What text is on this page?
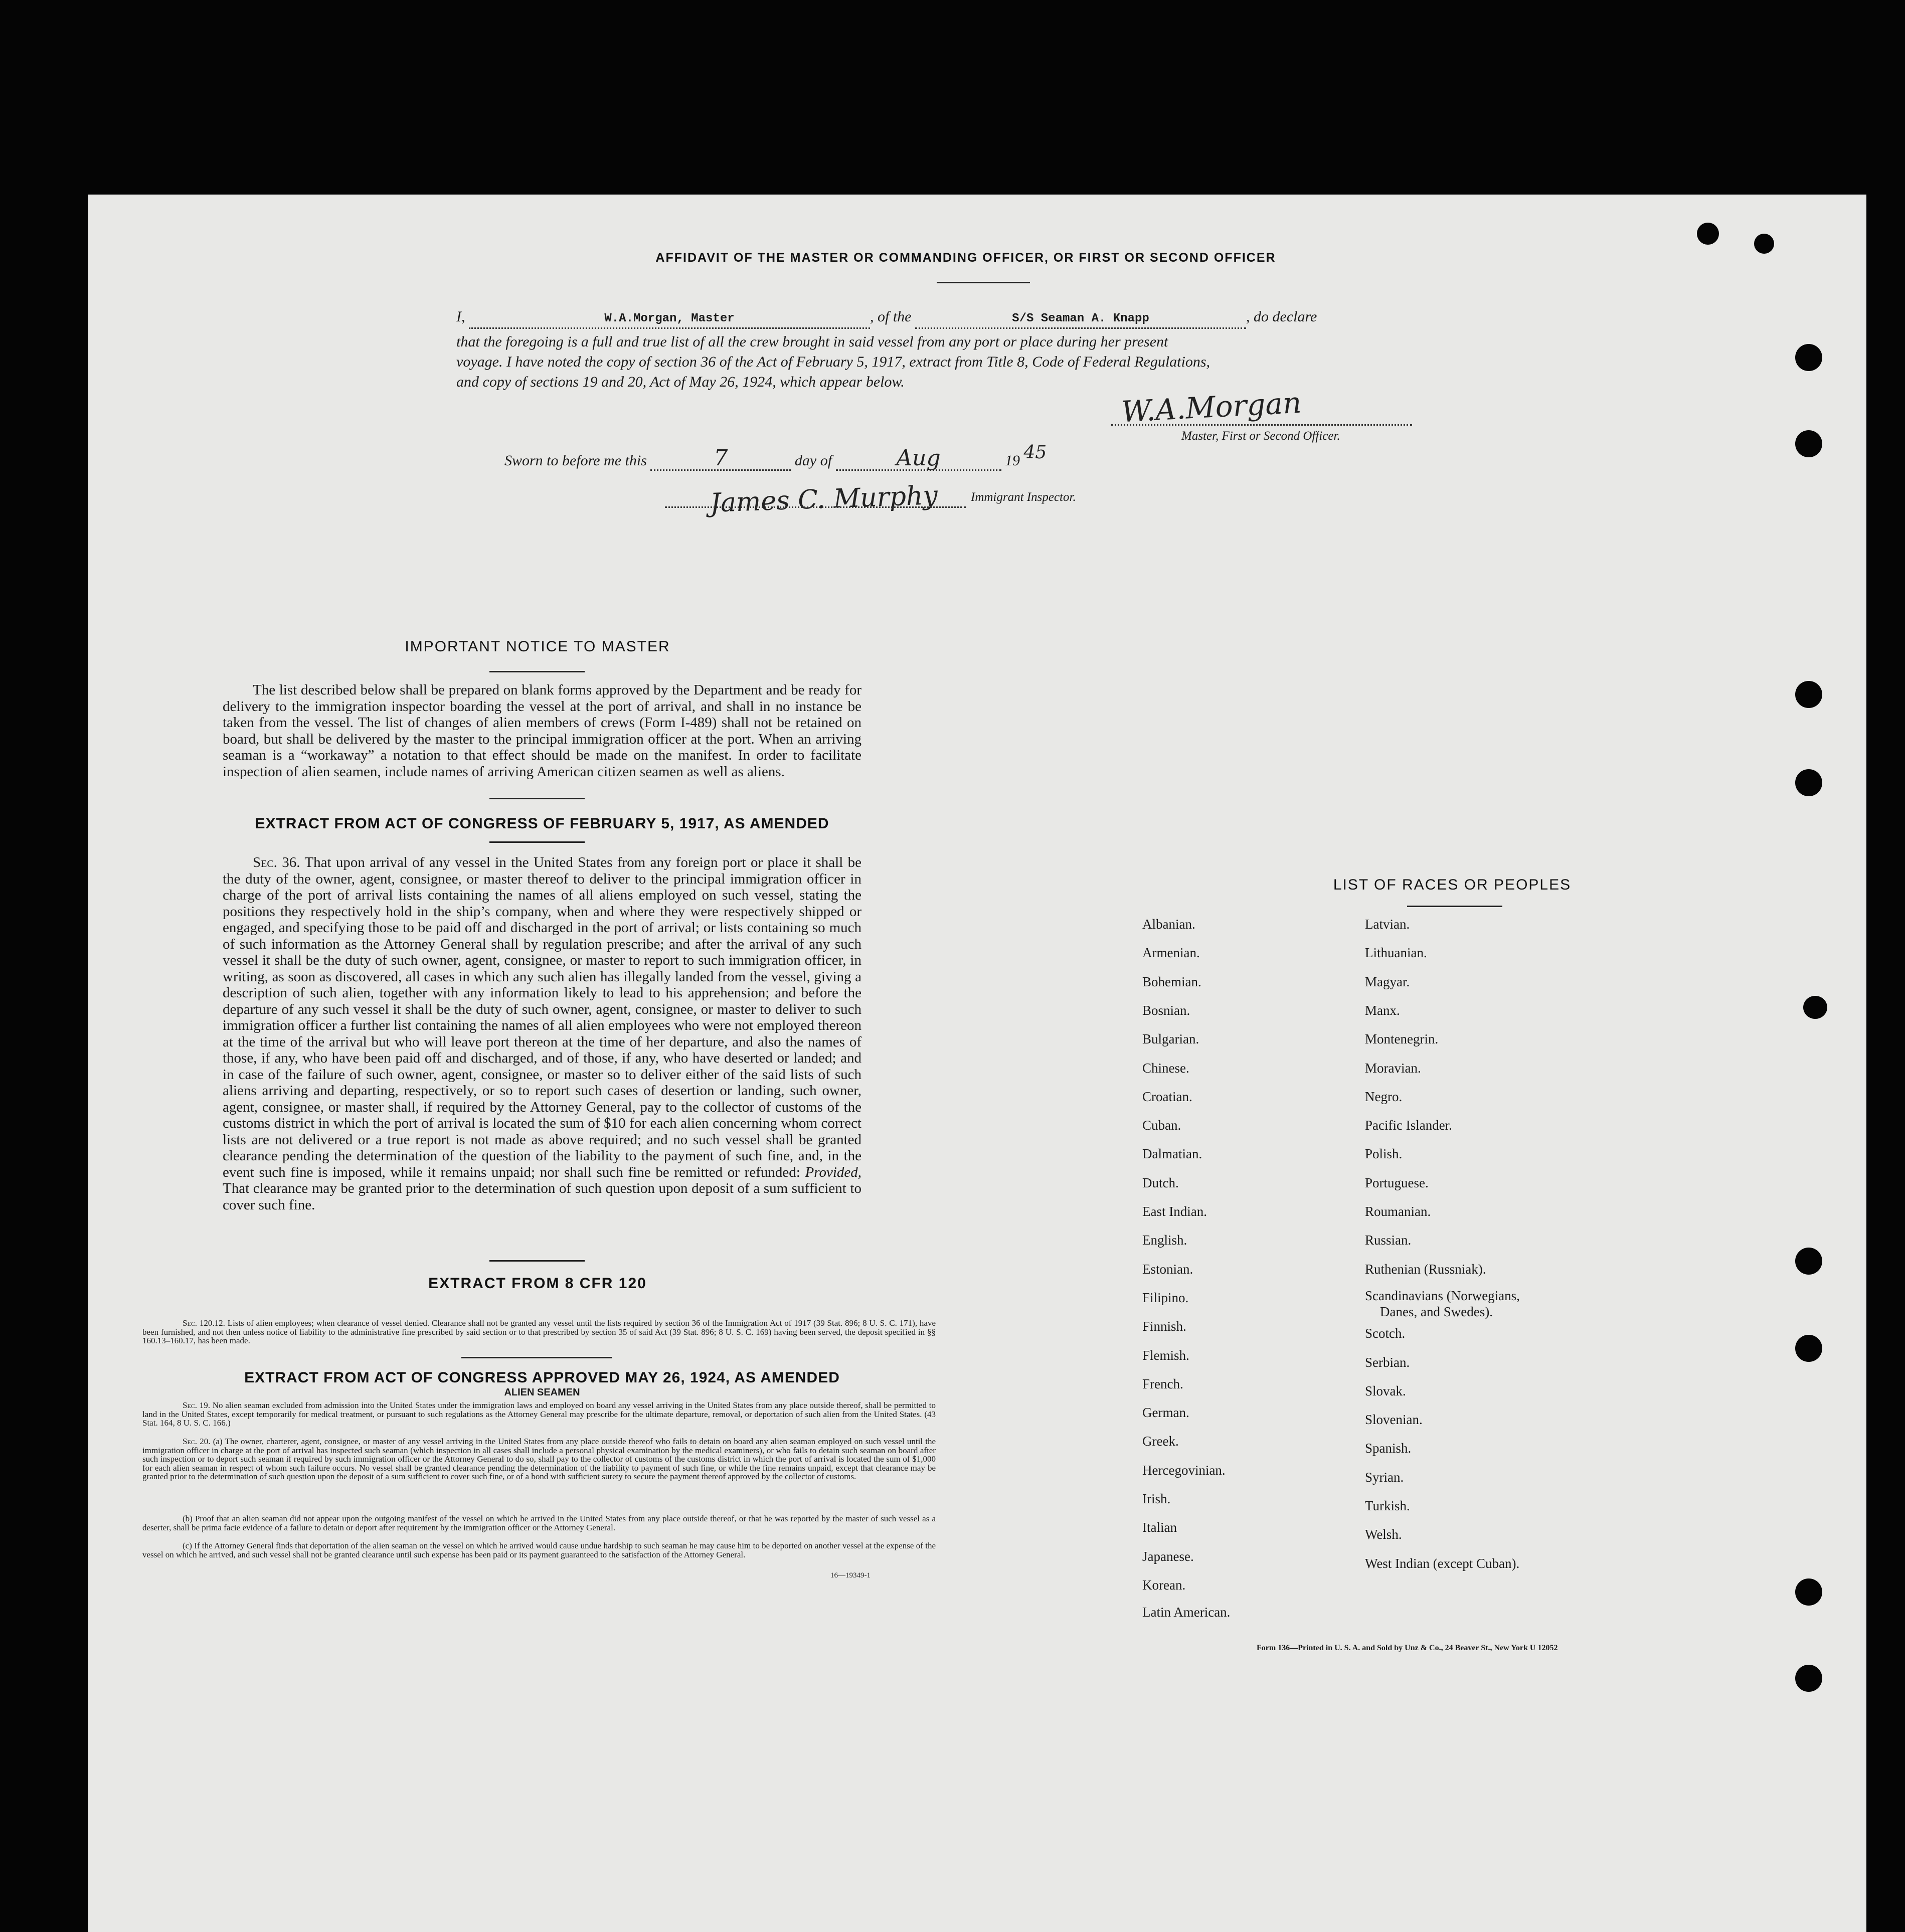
AFFIDAVIT OF THE MASTER OR COMMANDING OFFICER, OR FIRST OR SECOND OFFICER
I,	W.A.Morgan, Master	, of the	S/S Seaman A. Knapp	, do declare
that the foregoing is a full and true list of all the crew brought in said vessel from any port or place during her present
voyage. I have noted the copy of section 36 of the Act of February 5, 1917, extract from Title 8, Code of Federal Regulations,
and copy of sections 19 and 20, Act of May 26, 1924, which appear below.
W.A.Morgan
Master, First or Second Officer.
Sworn to before me this	7	day of	Aug	19 45
James C. Murphy	Immigrant Inspector.
IMPORTANT NOTICE TO MASTER
The list described below shall be prepared on blank forms approved by the Department and be ready for delivery to the immigration inspector boarding the vessel at the port of arrival, and shall in no instance be taken from the vessel. The list of changes of alien members of crews (Form I-489) shall not be retained on board, but shall be delivered by the master to the principal immigration officer at the port. When an arriving seaman is a “workaway” a notation to that effect should be made on the manifest. In order to facilitate inspection of alien seamen, include names of arriving American citizen seamen as well as aliens.
EXTRACT FROM ACT OF CONGRESS OF FEBRUARY 5, 1917, AS AMENDED
Sec. 36. That upon arrival of any vessel in the United States from any foreign port or place it shall be the duty of the owner, agent, consignee, or master thereof to deliver to the principal immigration officer in charge of the port of arrival lists containing the names of all aliens employed on such vessel, stating the positions they respectively hold in the ship’s company, when and where they were respectively shipped or engaged, and specifying those to be paid off and discharged in the port of arrival; or lists containing so much of such information as the Attorney General shall by regulation prescribe; and after the arrival of any such vessel it shall be the duty of such owner, agent, consignee, or master to report to such immigration officer, in writing, as soon as discovered, all cases in which any such alien has illegally landed from the vessel, giving a description of such alien, together with any information likely to lead to his apprehension; and before the departure of any such vessel it shall be the duty of such owner, agent, consignee, or master to deliver to such immigration officer a further list containing the names of all alien employees who were not employed thereon at the time of the arrival but who will leave port thereon at the time of her departure, and also the names of those, if any, who have been paid off and discharged, and of those, if any, who have deserted or landed; and in case of the failure of such owner, agent, consignee, or master so to deliver either of the said lists of such aliens arriving and departing, respectively, or so to report such cases of desertion or landing, such owner, agent, consignee, or master shall, if required by the Attorney General, pay to the collector of customs of the customs district in which the port of arrival is located the sum of $10 for each alien concerning whom correct lists are not delivered or a true report is not made as above required; and no such vessel shall be granted clearance pending the determination of the question of the liability to the payment of such fine, and, in the event such fine is imposed, while it remains unpaid; nor shall such fine be remitted or refunded: Provided, That clearance may be granted prior to the determination of such question upon deposit of a sum sufficient to cover such fine.
EXTRACT FROM 8 CFR 120
Sec. 120.12. Lists of alien employees; when clearance of vessel denied. Clearance shall not be granted any vessel until the lists required by section 36 of the Immigration Act of 1917 (39 Stat. 896; 8 U. S. C. 171), have been furnished, and not then unless notice of liability to the administrative fine prescribed by said section or to that prescribed by section 35 of said Act (39 Stat. 896; 8 U. S. C. 169) having been served, the deposit specified in §§ 160.13–160.17, has been made.
EXTRACT FROM ACT OF CONGRESS APPROVED MAY 26, 1924, AS AMENDED
ALIEN SEAMEN
Sec. 19. No alien seaman excluded from admission into the United States under the immigration laws and employed on board any vessel arriving in the United States from any place outside thereof, shall be permitted to land in the United States, except temporarily for medical treatment, or pursuant to such regulations as the Attorney General may prescribe for the ultimate departure, removal, or deportation of such alien from the United States. (43 Stat. 164, 8 U. S. C. 166.)
Sec. 20. (a) The owner, charterer, agent, consignee, or master of any vessel arriving in the United States from any place outside thereof who fails to detain on board any alien seaman employed on such vessel until the immigration officer in charge at the port of arrival has inspected such seaman (which inspection in all cases shall include a personal physical examination by the medical examiners), or who fails to detain such seaman on board after such inspection or to deport such seaman if required by such immigration officer or the Attorney General to do so, shall pay to the collector of customs of the customs district in which the port of arrival is located the sum of $1,000 for each alien seaman in respect of whom such failure occurs. No vessel shall be granted clearance pending the determination of the liability to payment of such fine, or while the fine remains unpaid, except that clearance may be granted prior to the determination of such question upon the deposit of a sum sufficient to cover such fine, or of a bond with sufficient surety to secure the payment thereof approved by the collector of customs.
(b) Proof that an alien seaman did not appear upon the outgoing manifest of the vessel on which he arrived in the United States from any place outside thereof, or that he was reported by the master of such vessel as a deserter, shall be prima facie evidence of a failure to detain or deport after requirement by the immigration officer or the Attorney General.
(c) If the Attorney General finds that deportation of the alien seaman on the vessel on which he arrived would cause undue hardship to such seaman he may cause him to be deported on another vessel at the expense of the vessel on which he arrived, and such vessel shall not be granted clearance until such expense has been paid or its payment guaranteed to the satisfaction of the Attorney General.
16—19349-1
LIST OF RACES OR PEOPLES
Albanian.
Armenian.
Bohemian.
Bosnian.
Bulgarian.
Chinese.
Croatian.
Cuban.
Dalmatian.
Dutch.
East Indian.
English.
Estonian.
Filipino.
Finnish.
Flemish.
French.
German.
Greek.
Hercegovinian.
Irish.
Italian
Japanese.
Korean.
Latin American.
Latvian.
Lithuanian.
Magyar.
Manx.
Montenegrin.
Moravian.
Negro.
Pacific Islander.
Polish.
Portuguese.
Roumanian.
Russian.
Ruthenian (Russniak).
Scandinavians (Norwegians,
Danes, and Swedes).
Scotch.
Serbian.
Slovak.
Slovenian.
Spanish.
Syrian.
Turkish.
Welsh.
West Indian (except Cuban).
Form 136—Printed in U. S. A. and Sold by Unz & Co., 24 Beaver St., New York U 12052
